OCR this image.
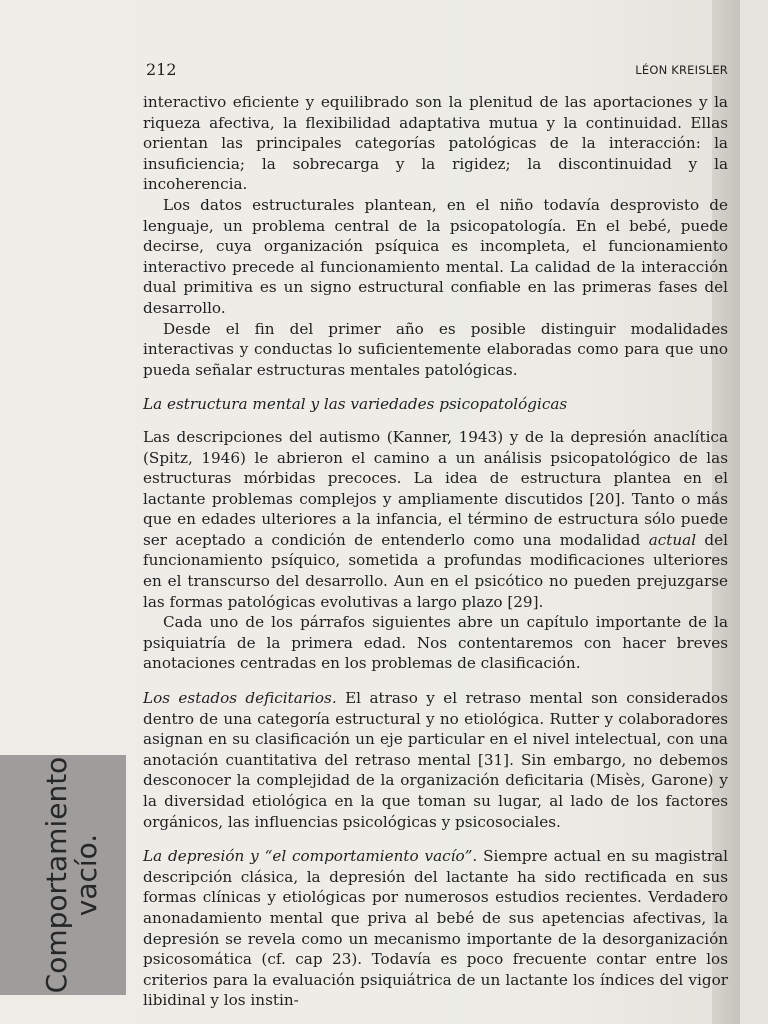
212	LÉON KREISLER

interactivo eficiente y equilibrado son la plenitud de las aportaciones y la riqueza afectiva, la flexibilidad adaptativa mutua y la continuidad. Ellas orientan las principales categorías patológicas de la interacción: la insuficiencia; la sobrecarga y la rigidez; la discontinuidad y la incoherencia.

Los datos estructurales plantean, en el niño todavía desprovisto de lenguaje, un problema central de la psicopatología. En el bebé, puede decirse, cuya organización psíquica es incompleta, el funcionamiento interactivo precede al funcionamiento mental. La calidad de la interacción dual primitiva es un signo estructural confiable en las primeras fases del desarrollo.

Desde el fin del primer año es posible distinguir modalidades interactivas y conductas lo suficientemente elaboradas como para que uno pueda señalar estructuras mentales patológicas.

La estructura mental y las variedades psicopatológicas

Las descripciones del autismo (Kanner, 1943) y de la depresión anaclítica (Spitz, 1946) le abrieron el camino a un análisis psicopatológico de las estructuras mórbidas precoces. La idea de estructura plantea en el lactante problemas complejos y ampliamente discutidos [20]. Tanto o más que en edades ulteriores a la infancia, el término de estructura sólo puede ser aceptado a condición de entenderlo como una modalidad actual del funcionamiento psíquico, sometida a profundas modificaciones ulteriores en el transcurso del desarrollo. Aun en el psicótico no pueden prejuzgarse las formas patológicas evolutivas a largo plazo [29].

Cada uno de los párrafos siguientes abre un capítulo importante de la psiquiatría de la primera edad. Nos contentaremos con hacer breves anotaciones centradas en los problemas de clasificación.

Los estados deficitarios. El atraso y el retraso mental son considerados dentro de una categoría estructural y no etiológica. Rutter y colaboradores asignan en su clasificación un eje particular en el nivel intelectual, con una anotación cuantitativa del retraso mental [31]. Sin embargo, no debemos desconocer la complejidad de la organización deficitaria (Misès, Garone) y la diversidad etiológica en la que toman su lugar, al lado de los factores orgánicos, las influencias psicológicas y psicosociales.

La depresión y “el comportamiento vacío”. Siempre actual en su magistral descripción clásica, la depresión del lactante ha sido rectificada en sus formas clínicas y etiológicas por numerosos estudios recientes. Verdadero anonadamiento mental que priva al bebé de sus apetencias afectivas, la depresión se revela como un mecanismo importante de la desorganización psicosomática (cf. cap 23). Todavía es poco frecuente contar entre los criterios para la evaluación psiquiátrica de un lactante los índices del vigor libidinal y los instin-

Comportamiento
vacío.
